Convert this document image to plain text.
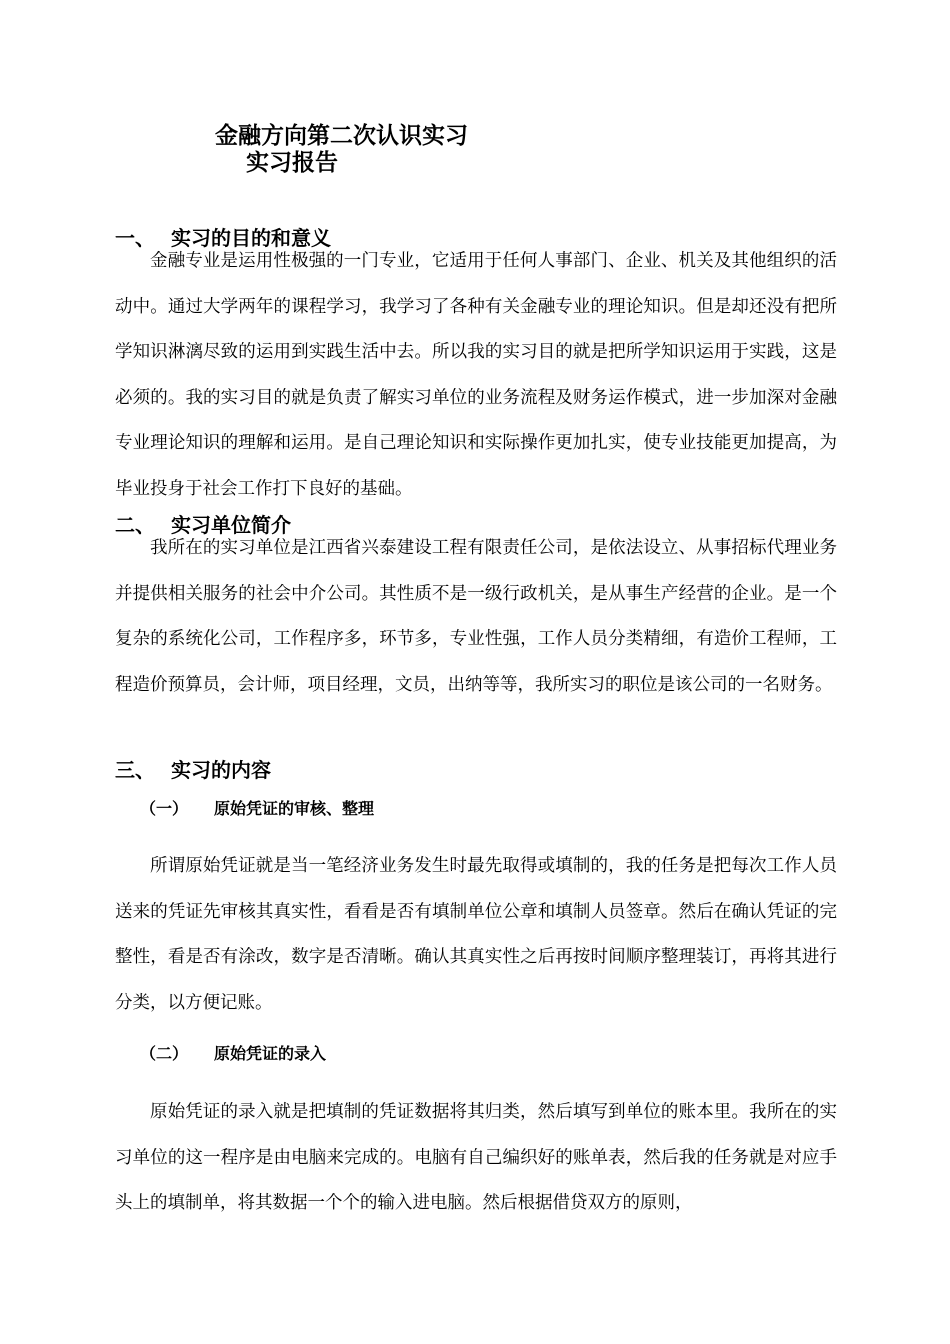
金融方向第二次认识实习
实习报告
一、 实习的目的和意义

金融专业是运用性极强的一门专业，它适用于任何人事部门、企业、机关及其他组织的活动中。通过大学两年的课程学习，我学习了各种有关金融专业的理论知识。但是却还没有把所学知识淋漓尽致的运用到实践生活中去。所以我的实习目的就是把所学知识运用于实践，这是必须的。我的实习目的就是负责了解实习单位的业务流程及财务运作模式，进一步加深对金融专业理论知识的理解和运用。是自己理论知识和实际操作更加扎实，使专业技能更加提高，为毕业投身于社会工作打下良好的基础。

二、 实习单位简介

我所在的实习单位是江西省兴泰建设工程有限责任公司，是依法设立、从事招标代理业务并提供相关服务的社会中介公司。其性质不是一级行政机关，是从事生产经营的企业。是一个复杂的系统化公司，工作程序多，环节多，专业性强，工作人员分类精细，有造价工程师，工程造价预算员，会计师，项目经理，文员，出纳等等，我所实习的职位是该公司的一名财务。

三、 实习的内容
（一） 原始凭证的审核、整理

所谓原始凭证就是当一笔经济业务发生时最先取得或填制的，我的任务是把每次工作人员送来的凭证先审核其真实性，看看是否有填制单位公章和填制人员签章。然后在确认凭证的完整性，看是否有涂改，数字是否清晰。确认其真实性之后再按时间顺序整理装订，再将其进行分类，以方便记账。

（二） 原始凭证的录入

原始凭证的录入就是把填制的凭证数据将其归类，然后填写到单位的账本里。我所在的实习单位的这一程序是由电脑来完成的。电脑有自己编织好的账单表，然后我的任务就是对应手头上的填制单，将其数据一个个的输入进电脑。然后根据借贷双方的原则，
